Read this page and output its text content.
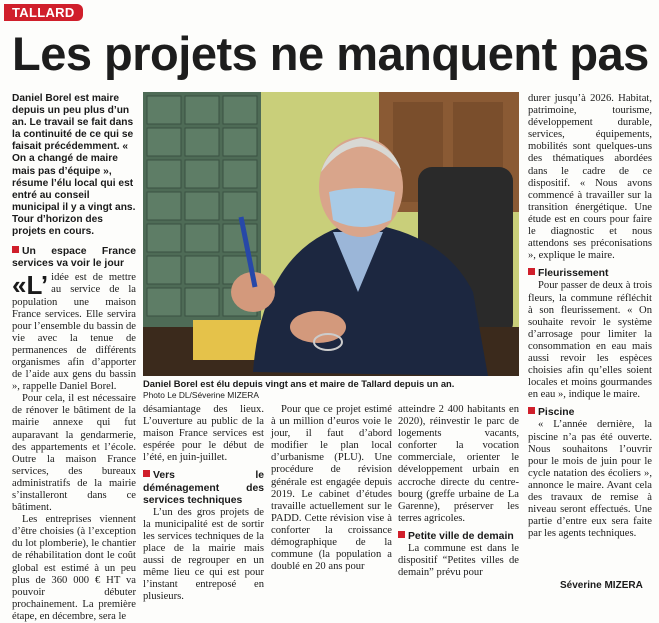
TALLARD
Les projets ne manquent pas
Daniel Borel est maire depuis un peu plus d’un an. Le travail se fait dans la continuité de ce qui se faisait précédemment. « On a changé de maire mais pas d’équipe », résume l’élu local qui est entré au conseil municipal il y a vingt ans. Tour d’horizon des projets en cours.
Un espace France services va voir le jour

«L’ idée est de mettre au service de la population une maison France services. Elle servira pour l’ensemble du bassin de vie avec la tenue de permanences de différents organismes afin d’apporter de l’aide aux gens du bassin », rappelle Daniel Borel.

Pour cela, il est nécessaire de rénover le bâtiment de la mairie annexe qui fut auparavant la gendarmerie, des appartements et l’école. Outre la maison France services, des bureaux administratifs de la mairie s’installeront dans ce bâtiment.

Les entreprises viennent d’être choisies (à l’exception du lot plomberie), le chantier de réhabilitation dont le coût global est estimé à un peu plus de 360 000 € HT va pouvoir débuter prochainement. La première étape, en décembre, sera le

Daniel Borel est élu depuis vingt ans et maire de Tallard depuis un an.
Photo Le DL/Séverine MIZERA

désamiantage des lieux. L’ouverture au public de la maison France services est espérée pour le début de l’été, en juin-juillet.

Vers le déménagement des services techniques

L’un des gros projets de la municipalité est de sortir les services techniques de la place de la mairie mais aussi de regrouper en un même lieu ce qui est pour l’instant entreposé en plusieurs.

Pour que ce projet estimé à un million d’euros voie le jour, il faut d’abord modifier le plan local d’urbanisme (PLU). Une procédure de révision générale est engagée depuis 2019. Le cabinet d’études travaille actuellement sur le PADD. Cette révision vise à conforter la croissance démographique de la commune (la population a doublé en 20 ans pour

atteindre 2 400 habitants en 2020), réinvestir le parc de logements vacants, conforter la vocation commerciale, orienter le développement urbain en accroche directe du centre-bourg (greffe urbaine de La Garenne), préserver les terres agricoles.

Petite ville de demain

La commune est dans le dispositif “Petites villes de demain” prévu pour

durer jusqu’à 2026. Habitat, patrimoine, tourisme, développement durable, services, équipements, mobilités sont quelques-uns des thématiques abordées dans le cadre de ce dispositif. « Nous avons commencé à travailler sur la transition énergétique. Une étude est en cours pour faire le diagnostic et nous attendons ses préconisations », explique le maire.

Fleurissement

Pour passer de deux à trois fleurs, la commune réfléchit à son fleurissement. « On souhaite revoir le système d’arrosage pour limiter la consommation en eau mais aussi revoir les espèces choisies afin qu’elles soient locales et moins gourmandes en eau », indique le maire.

Piscine

« L’année dernière, la piscine n’a pas été ouverte. Nous souhaitons l’ouvrir pour le mois de juin pour le cycle natation des écoliers », annonce le maire. Avant cela des travaux de remise à niveau seront effectués. Une partie d’entre eux sera faite par les agents techniques.

Séverine MIZERA
